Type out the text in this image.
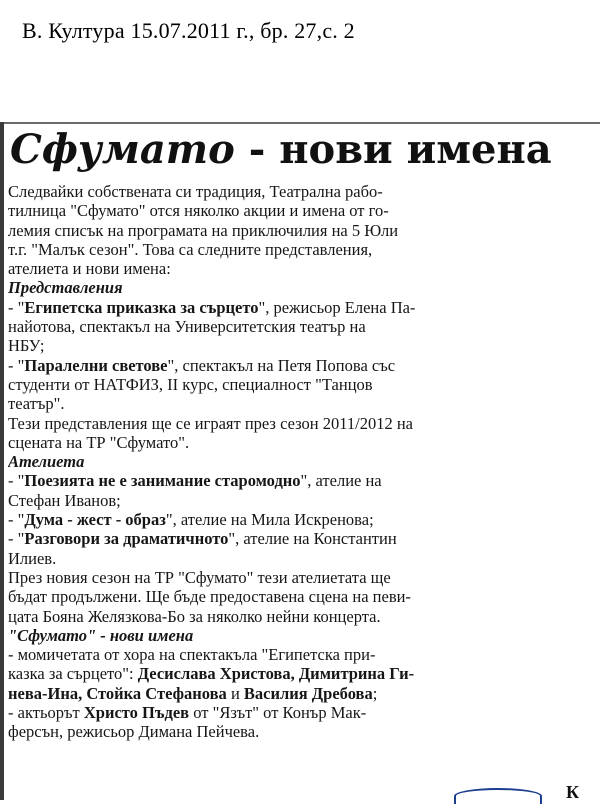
В. Култура 15.07.2011 г., бр. 27,с. 2
Сфумато - нови имена
Следвайки собствената си традиция, Театрална рабо-
тилница "Сфумато" отся няколко акции и имена от го-
лемия списък на програмата на приключилия на 5 Юли
т.г. "Малък сезон". Това са следните представления,
ателиета и нови имена:
Представления
- "Египетска приказка за сърцето", режисьор Елена Па-
найотова, спектакъл на Университетския театър на
НБУ;
- "Паралелни светове", спектакъл на Петя Попова със
студенти от НАТФИЗ, II курс, специалност "Танцов
театър".
Тези представления ще се играят през сезон 2011/2012 на
сцената на ТР "Сфумато".
Ателиета
- "Поезията не е занимание старомодно", ателие на
Стефан Иванов;
- "Дума - жест - образ", ателие на Мила Искренова;
- "Разговори за драматичното", ателие на Константин
Илиев.
През новия сезон на ТР "Сфумато" тези ателиетата ще
бъдат продължени. Ще бъде предоставена сцена на певи-
цата Бояна Желязкова-Бо за няколко нейни концерта.
"Сфумато" - нови имена
- момичетата от хора на спектакъла "Египетска при-
казка за сърцето": Десислава Христова, Димитрина Ги-
нева-Ина, Стойка Стефанова и Василия Дребова;
- актьорът Христо Пъдев от "Язът" от Конър Мак-
ферсън, режисьор Димана Пейчева.
К
